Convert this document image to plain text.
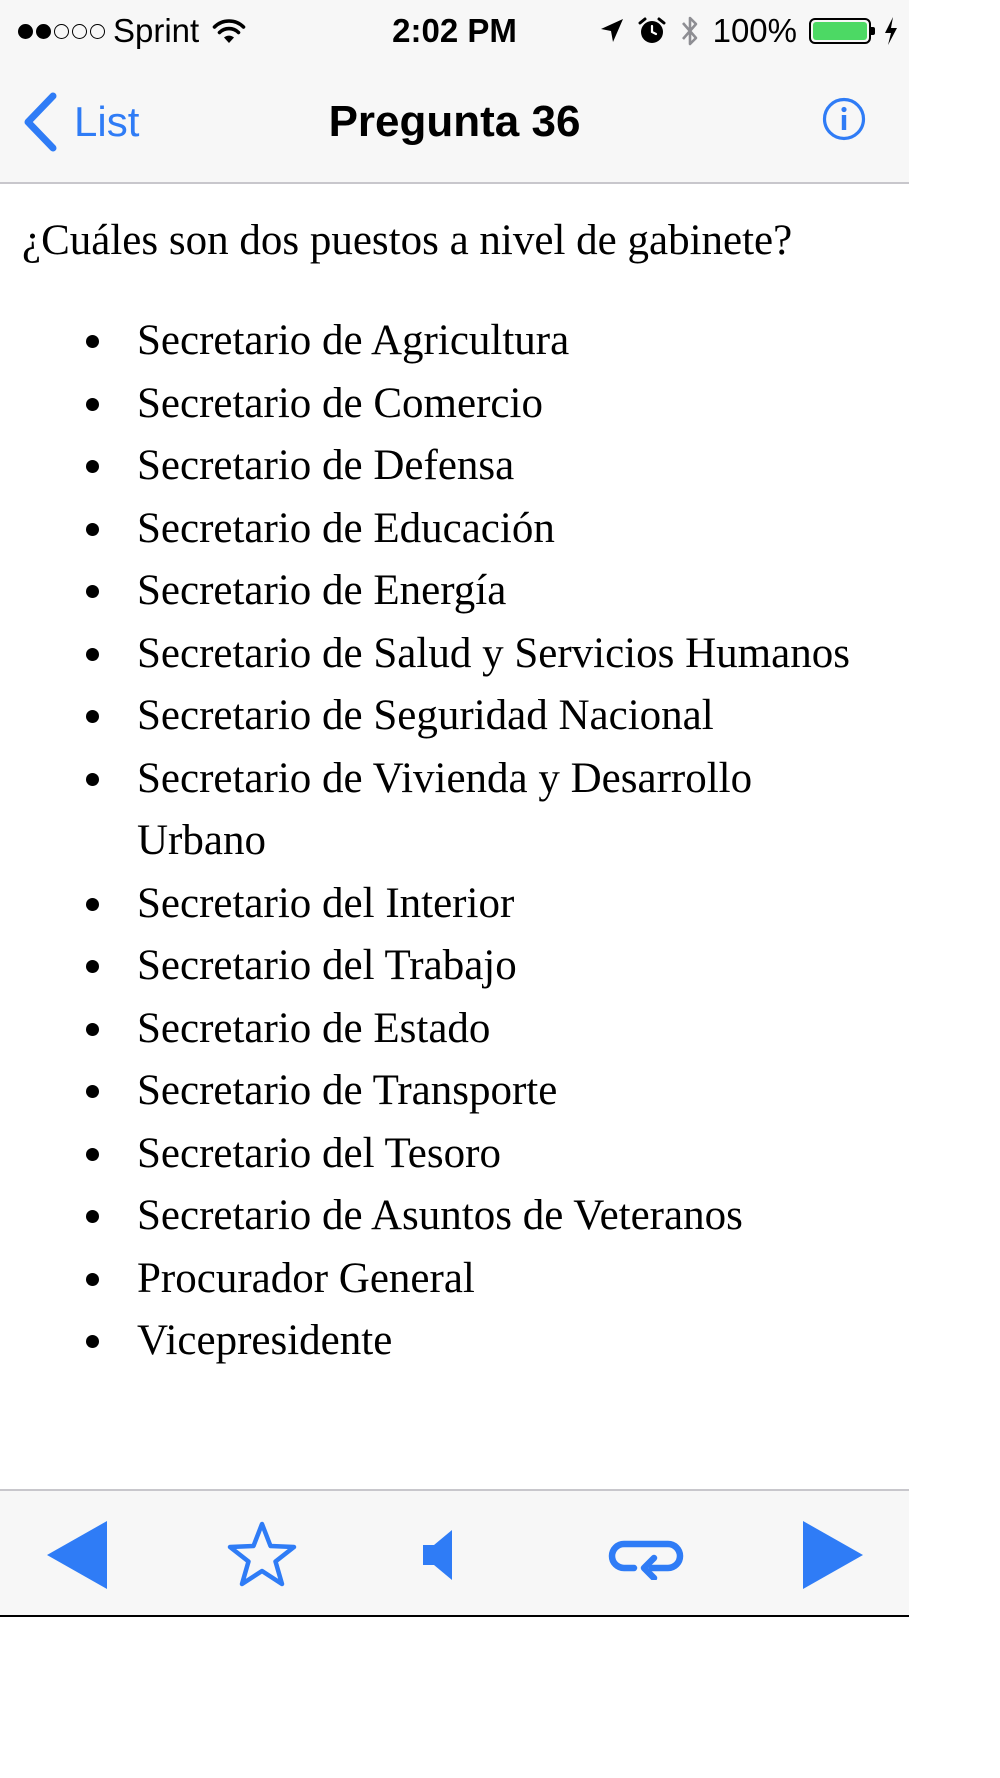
Sprint	2:02 PM	100%
List	Pregunta 36

¿Cuáles son dos puestos a nivel de gabinete?

Secretario de Agricultura
Secretario de Comercio
Secretario de Defensa
Secretario de Educación
Secretario de Energía
Secretario de Salud y Servicios Humanos
Secretario de Seguridad Nacional
Secretario de Vivienda y Desarrollo Urbano
Secretario del Interior
Secretario del Trabajo
Secretario de Estado
Secretario de Transporte
Secretario del Tesoro
Secretario de Asuntos de Veteranos
Procurador General
Vicepresidente
